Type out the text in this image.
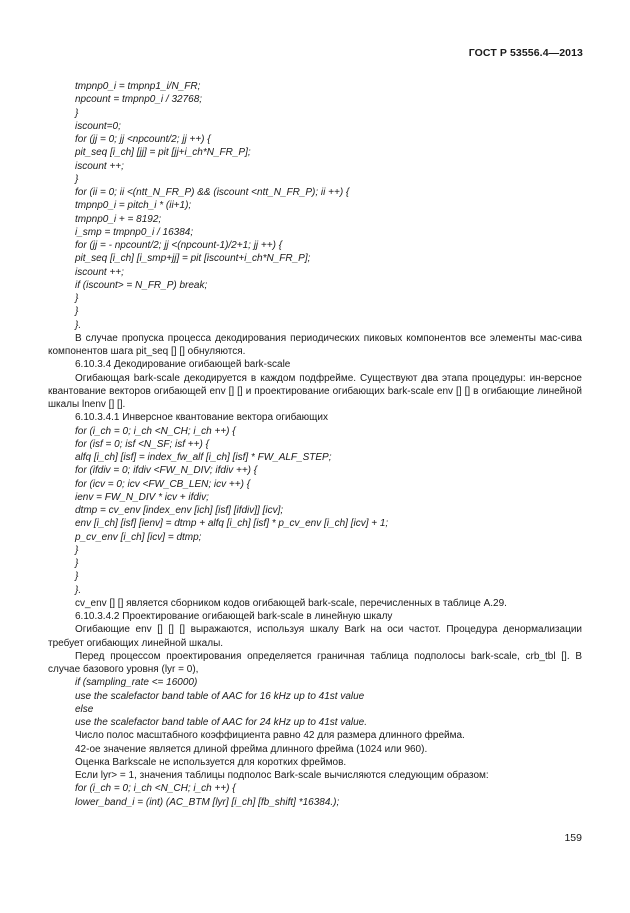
ГОСТ Р 53556.4—2013
tmpnp0_i = tmpnp1_i/N_FR;
npcount = tmpnp0_i / 32768;
}
iscount=0;
for (jj = 0; jj <npcount/2; jj ++) {
pit_seq [i_ch] [jj] = pit [jj+i_ch*N_FR_P];
iscount ++;
}
for (ii = 0; ii <(ntt_N_FR_P) && (iscount <ntt_N_FR_P); ii ++) {
tmpnp0_i = pitch_i * (ii+1);
tmpnp0_i + = 8192;
i_smp = tmpnp0_i / 16384;
for (jj = - npcount/2; jj <(npcount-1)/2+1; jj ++) {
pit_seq [i_ch] [i_smp+jj] = pit [iscount+i_ch*N_FR_P];
iscount ++;
if (iscount> = N_FR_P) break;
}
}
}.
В случае пропуска процесса декодирования периодических пиковых компонентов все элементы мас-сива компонентов шага pit_seq [] [] обнуляются.
6.10.3.4 Декодирование огибающей bark-scale
Огибающая bark-scale декодируется в каждом подфрейме. Существуют два этапа процедуры: ин-версное квантование векторов огибающей env [] [] и проектирование огибающих bark-scale env [] [] в огибающие линейной шкалы lnenv [] [].
6.10.3.4.1 Инверсное квантование вектора огибающих
for (i_ch = 0; i_ch <N_CH; i_ch ++) {
for (isf = 0; isf <N_SF; isf ++) {
alfq [i_ch] [isf] = index_fw_alf [i_ch] [isf] * FW_ALF_STEP;
for (ifdiv = 0; ifdiv <FW_N_DIV; ifdiv ++) {
for (icv = 0; icv <FW_CB_LEN; icv ++) {
ienv = FW_N_DIV * icv + ifdiv;
dtmp = cv_env [index_env [ich] [isf] [ifdiv]] [icv];
env [i_ch] [isf] [ienv] = dtmp + alfq [i_ch] [isf] * p_cv_env [i_ch] [icv] + 1;
p_cv_env [i_ch] [icv] = dtmp;
}
}
}
}.
cv_env [] [] является сборником кодов огибающей bark-scale, перечисленных в таблице А.29.
6.10.3.4.2 Проектирование огибающей bark-scale в линейную шкалу
Огибающие env [] [] [] выражаются, используя шкалу Bark на оси частот. Процедура денормализации требует огибающих линейной шкалы.
Перед процессом проектирования определяется граничная таблица подполосы bark-scale, crb_tbl []. В случае базового уровня (lyr = 0),
if (sampling_rate <= 16000)
use the scalefactor band table of AAC for 16 kHz up to 41st value
else
use the scalefactor band table of AAC for 24 kHz up to 41st value.
Число полос масштабного коэффициента равно 42 для размера длинного фрейма.
42-ое значение является длиной фрейма длинного фрейма (1024 или 960).
Оценка Barkscale не используется для коротких фреймов.
Если lyr> = 1, значения таблицы подполос Bark-scale вычисляются следующим образом:
for (i_ch = 0; i_ch <N_CH; i_ch ++) {
lower_band_i = (int) (AC_BTM [lyr] [i_ch] [fb_shift] *16384.);
159
